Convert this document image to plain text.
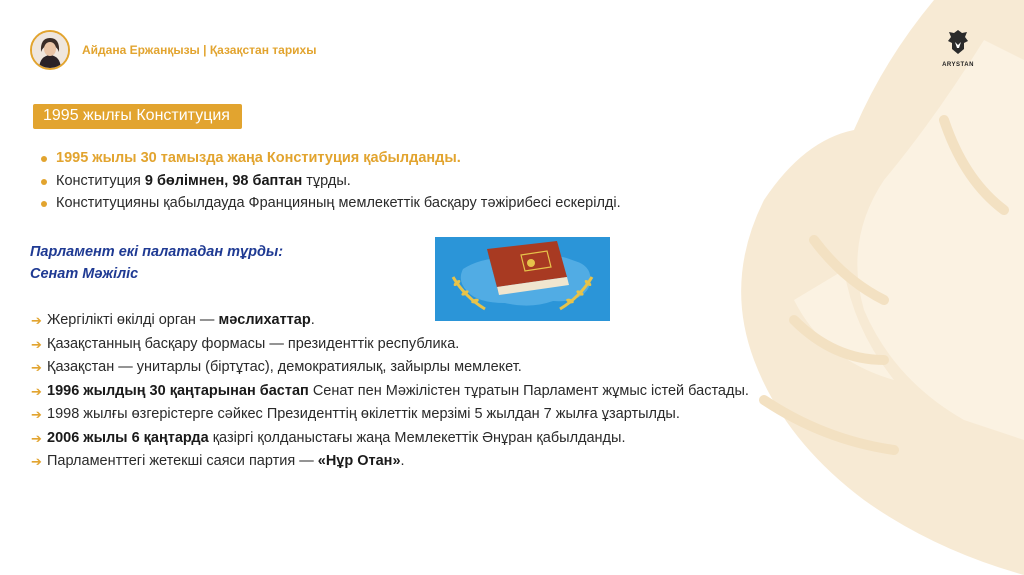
Айдана Ержанқызы | Қазақстан тарихы
ARYSTAN
1995 жылғы Конституция
1995 жылы 30 тамызда жаңа Конституция қабылданды.
Конституция 9 бөлімнен, 98 баптан тұрды.
Конституцияны қабылдауда Францияның мемлекеттік басқару тәжірибесі ескерілді.
Парламент екі палатадан тұрды:
Сенат Мәжіліс
➔ Жергілікті өкілді орган — мәслихаттар.
➔ Қазақстанның басқару формасы — президенттік республика.
➔ Қазақстан — унитарлы (біртұтас), демократиялық, зайырлы мемлекет.
➔ 1996 жылдың 30 қаңтарынан бастап Сенат пен Мәжілістен тұратын Парламент жұмыс істей бастады.
➔ 1998 жылғы өзгерістерге сәйкес Президенттің өкілеттік мерзімі 5 жылдан 7 жылға ұзартылды.
➔ 2006 жылы 6 қаңтарда қазіргі қолданыстағы жаңа Мемлекеттік Әнұран қабылданды.
➔ Парламенттегі жетекші саяси партия — «Нұр Отан».
